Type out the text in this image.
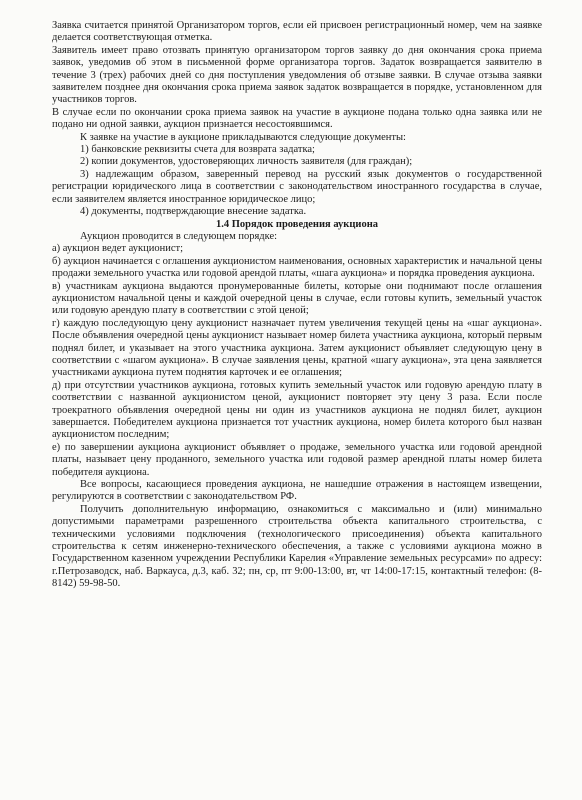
Заявка считается принятой Организатором торгов, если ей присвоен регистрационный номер, чем на заявке делается соответствующая отметка.

Заявитель имеет право отозвать принятую организатором торгов заявку до дня окончания срока приема заявок, уведомив об этом в письменной форме организатора торгов. Задаток возвращается заявителю в течение 3 (трех) рабочих дней со дня поступления уведомления об отзыве заявки. В случае отзыва заявки заявителем позднее дня окончания срока приема заявок задаток возвращается в порядке, установленном для участников торгов.

В случае если по окончании срока приема заявок на участие в аукционе подана только одна заявка или не подано ни одной заявки, аукцион признается несостоявшимся.

К заявке на участие в аукционе прикладываются следующие документы:

1) банковские реквизиты счета для возврата задатка;

2) копии документов, удостоверяющих личность заявителя (для граждан);

3) надлежащим образом, заверенный перевод на русский язык документов о государственной регистрации юридического лица в соответствии с законодательством иностранного государства в случае, если заявителем является иностранное юридическое лицо;

4) документы, подтверждающие внесение задатка.

1.4 Порядок проведения аукциона

Аукцион проводится в следующем порядке:

а) аукцион ведет аукционист;

б) аукцион начинается с оглашения аукционистом наименования, основных характеристик и начальной цены продажи земельного участка или годовой арендой платы, «шага аукциона» и порядка проведения аукциона.

в) участникам аукциона выдаются пронумерованные билеты, которые они поднимают после оглашения аукционистом начальной цены и каждой очередной цены в случае, если готовы купить, земельный участок или годовую арендую плату в соответствии с этой ценой;

г) каждую последующую цену аукционист назначает путем увеличения текущей цены на «шаг аукциона». После объявления очередной цены аукционист называет номер билета участника аукциона, который первым поднял билет, и указывает на этого участника аукциона. Затем аукционист объявляет следующую цену в соответствии с «шагом аукциона». В случае заявления цены, кратной «шагу аукциона», эта цена заявляется участниками аукциона путем поднятия карточек и ее оглашения;

д) при отсутствии участников аукциона, готовых купить земельный участок или годовую арендую плату в соответствии с названной аукционистом ценой, аукционист повторяет эту цену 3 раза. Если после троекратного объявления очередной цены ни один из участников аукциона не поднял билет, аукцион завершается. Победителем аукциона признается тот участник аукциона, номер билета которого был назван аукционистом последним;

е) по завершении аукциона аукционист объявляет о продаже, земельного участка или годовой арендной платы, называет цену проданного, земельного участка или годовой размер арендной платы номер билета победителя аукциона.

Все вопросы, касающиеся проведения аукциона, не нашедшие отражения в настоящем извещении, регулируются в соответствии с законодательством РФ.

Получить дополнительную информацию, ознакомиться с максимально и (или) минимально допустимыми параметрами разрешенного строительства объекта капитального строительства, с техническими условиями подключения (технологического присоединения) объекта капитального строительства к сетям инженерно-технического обеспечения, а также с условиями аукциона можно в Государственном казенном учреждении Республики Карелия «Управление земельных ресурсами» по адресу: г.Петрозаводск, наб. Варкауса, д.3, каб. 32; пн, ср, пт 9:00-13:00, вт, чт 14:00-17:15, контактный телефон: (8-8142) 59-98-50.
